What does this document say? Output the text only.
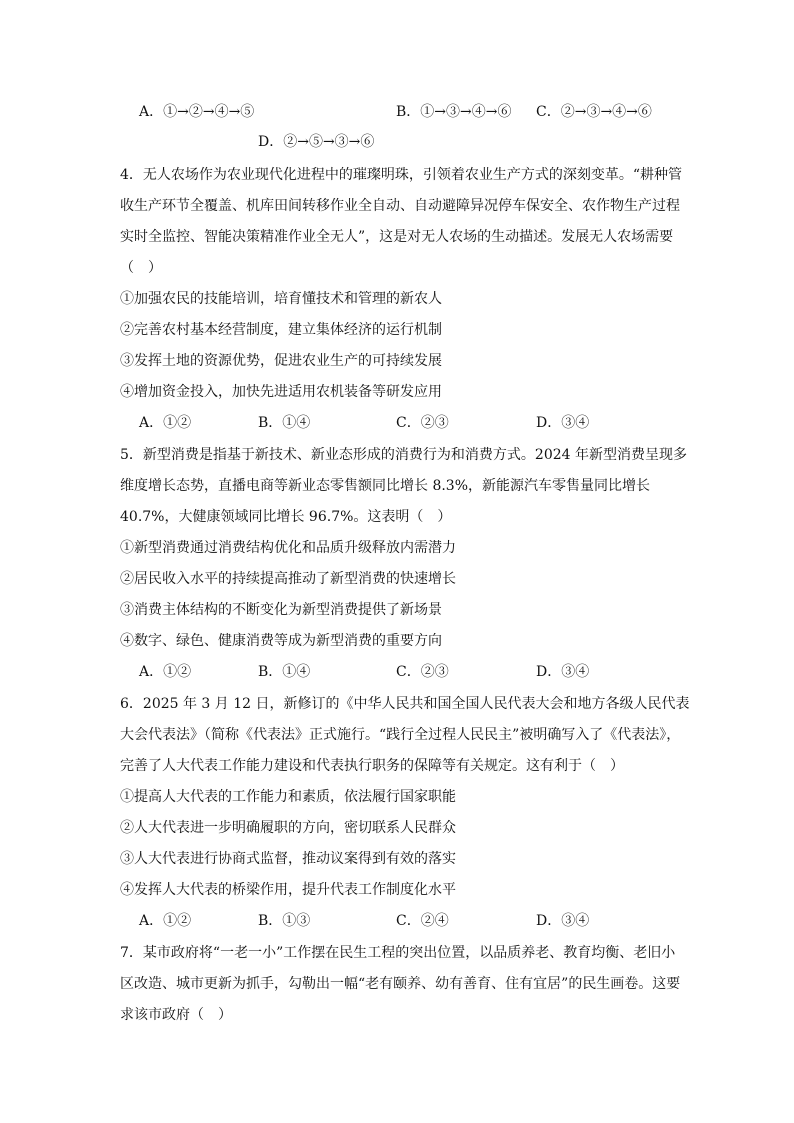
A．①→②→④→⑤	B．①→③→④→⑥ C．②→③→④→⑥
D．②→⑤→③→⑥
4．无人农场作为农业现代化进程中的璀璨明珠，引领着农业生产方式的深刻变革。“耕种管
收生产环节全覆盖、机库田间转移作业全自动、自动避障异况停车保安全、农作物生产过程
实时全监控、智能决策精准作业全无人”，这是对无人农场的生动描述。发展无人农场需要
（　）
①加强农民的技能培训，培育懂技术和管理的新农人
②完善农村基本经营制度，建立集体经济的运行机制
③发挥土地的资源优势，促进农业生产的可持续发展
④增加资金投入，加快先进适用农机装备等研发应用
A．①②	B．①④	C．②③	D．③④
5．新型消费是指基于新技术、新业态形成的消费行为和消费方式。2024 年新型消费呈现多
维度增长态势，直播电商等新业态零售额同比增长 8.3%，新能源汽车零售量同比增长
40.7%，大健康领域同比增长 96.7%。这表明（　）
①新型消费通过消费结构优化和品质升级释放内需潜力
②居民收入水平的持续提高推动了新型消费的快速增长
③消费主体结构的不断变化为新型消费提供了新场景
④数字、绿色、健康消费等成为新型消费的重要方向
A．①②	B．①④	C．②③	D．③④
6．2025 年 3 月 12 日，新修订的《中华人民共和国全国人民代表大会和地方各级人民代表
大会代表法》（简称《代表法》正式施行。“践行全过程人民民主”被明确写入了《代表法》，
完善了人大代表工作能力建设和代表执行职务的保障等有关规定。这有利于（　）
①提高人大代表的工作能力和素质，依法履行国家职能
②人大代表进一步明确履职的方向，密切联系人民群众
③人大代表进行协商式监督，推动议案得到有效的落实
④发挥人大代表的桥梁作用，提升代表工作制度化水平
A．①②	B．①③	C．②④	D．③④
7．某市政府将“一老一小”工作摆在民生工程的突出位置，以品质养老、教育均衡、老旧小
区改造、城市更新为抓手，勾勒出一幅“老有颐养、幼有善育、住有宜居”的民生画卷。这要
求该市政府（　）
